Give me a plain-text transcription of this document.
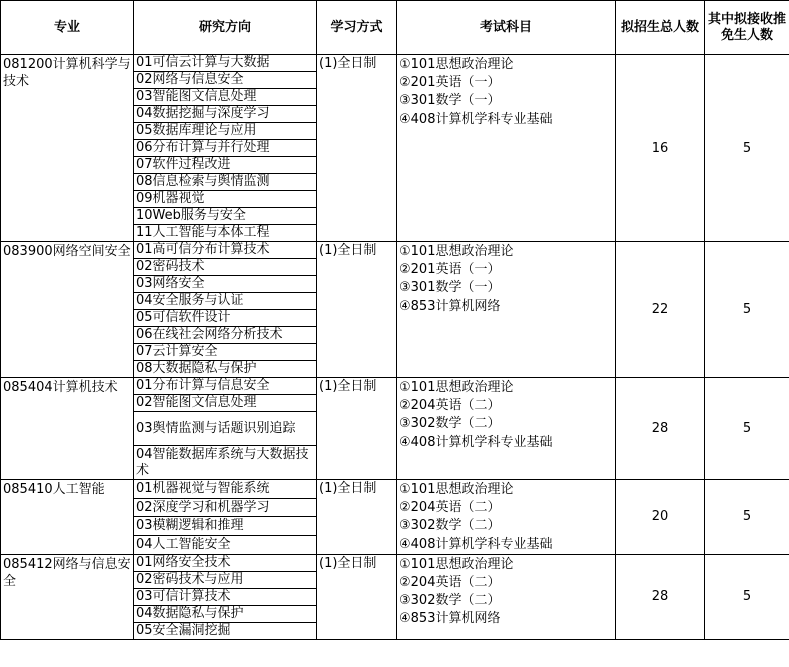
专业	研究方向	学习方式	考试科目	拟招生总人数	其中拟接收推免生人数
081200计算机科学与技术	01可信云计算与大数据	(1)全日制	①101思想政治理论
②201英语（一）
③301数学（一）
④408计算机学科专业基础	16	5
	02网络与信息安全				
	03智能图文信息处理				
	04数据挖掘与深度学习				
	05数据库理论与应用				
	06分布计算与并行处理				
	07软件过程改进				
	08信息检索与舆情监测				
	09机器视觉				
	10Web服务与安全				
	11人工智能与本体工程				
083900网络空间安全	01高可信分布计算技术	(1)全日制	①101思想政治理论
②201英语（一）
③301数学（一）
④853计算机网络	22	5
	02密码技术				
	03网络安全				
	04安全服务与认证				
	05可信软件设计				
	06在线社会网络分析技术				
	07云计算安全				
	08大数据隐私与保护				
085404计算机技术	01分布计算与信息安全	(1)全日制	①101思想政治理论
②204英语（二）
③302数学（二）
④408计算机学科专业基础	28	5
	02智能图文信息处理				
	03舆情监测与话题识别追踪				
	04智能数据库系统与大数据技术				
085410人工智能	01机器视觉与智能系统	(1)全日制	①101思想政治理论
②204英语（二）
③302数学（二）
④408计算机学科专业基础	20	5
	02深度学习和机器学习				
	03模糊逻辑和推理				
	04人工智能安全				
085412网络与信息安全	01网络安全技术	(1)全日制	①101思想政治理论
②204英语（二）
③302数学（二）
④853计算机网络	28	5
	02密码技术与应用				
	03可信计算技术				
	04数据隐私与保护				
	05安全漏洞挖掘				
